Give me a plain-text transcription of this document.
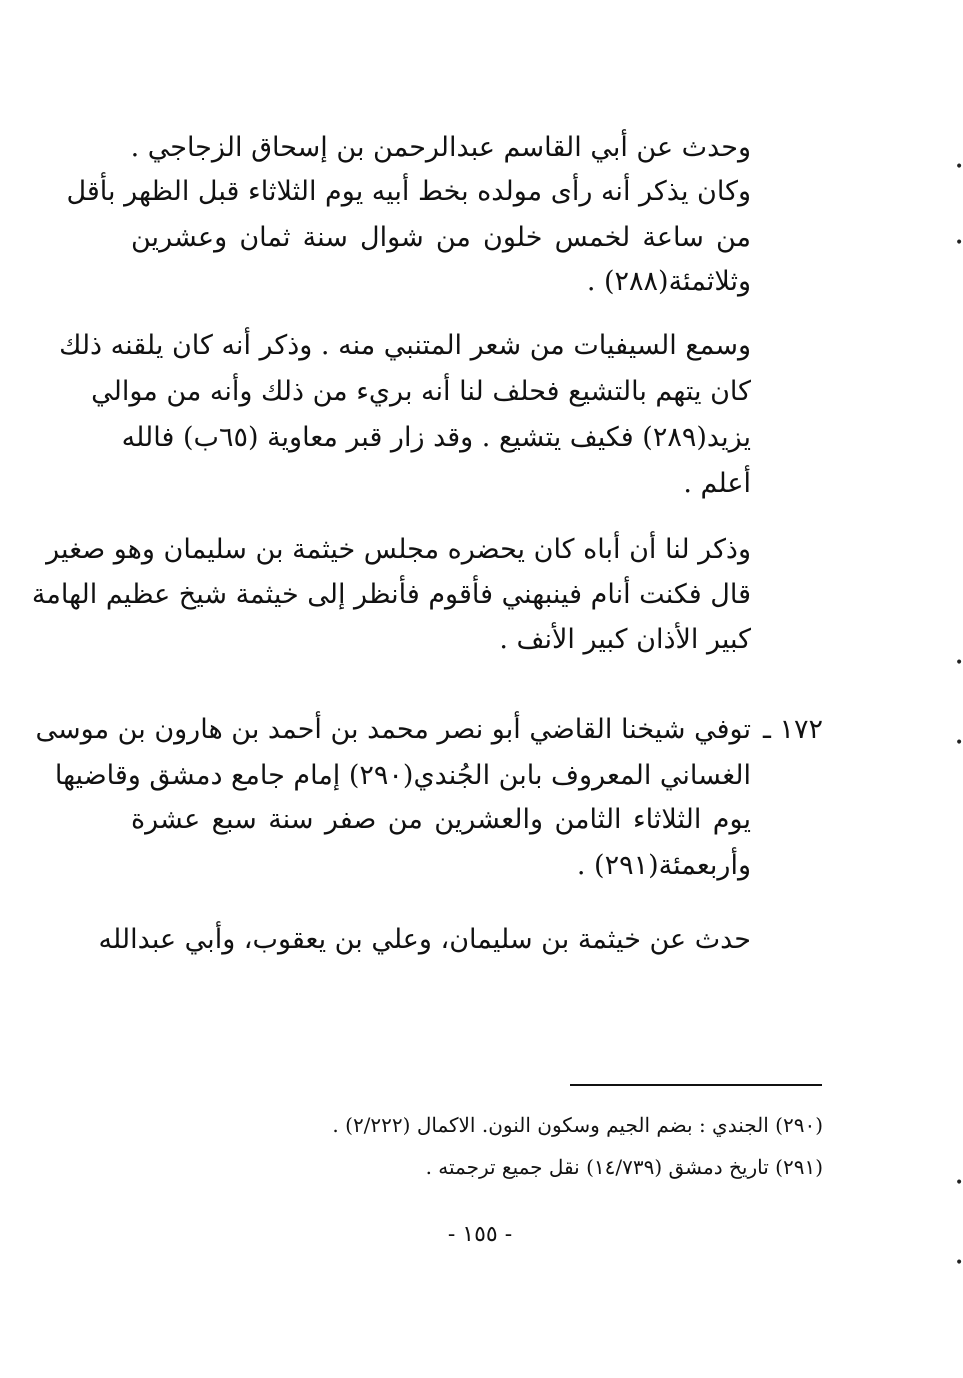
وحدث عن أبي القاسم عبدالرحمن بن إسحاق الزجاجي .
وكان يذكر أنه رأى مولده بخط أبيه يوم الثلاثاء قبل الظهر بأقل
من ساعة لخمس خلون من شوال سنة ثمان وعشرين
وثلاثمئة(٢٨٨) .
وسمع السيفيات من شعر المتنبي منه . وذكر أنه كان يلقنه ذلك
كان يتهم بالتشيع فحلف لنا أنه بريء من ذلك وأنه من موالي
يزيد(٢٨٩) فكيف يتشيع . وقد زار قبر معاوية (٦٥ب) فالله
أعلم .
وذكر لنا أن أباه كان يحضره مجلس خيثمة بن سليمان وهو صغير
قال فكنت أنام فينبهني فأقوم فأنظر إلى خيثمة شيخ عظيم الهامة
كبير الأذان كبير الأنف .
١٧٢ ـ
توفي شيخنا القاضي أبو نصر محمد بن أحمد بن هارون بن موسى
الغساني المعروف بابن الجُندي(٢٩٠) إمام جامع دمشق وقاضيها
يوم الثلاثاء الثامن والعشرين من صفر سنة سبع عشرة
وأربعمئة(٢٩١) .
حدث عن خيثمة بن سليمان، وعلي بن يعقوب، وأبي عبدالله
(٢٩٠) الجندي : بضم الجيم وسكون النون. الاكمال (٢/٢٢٢) .
(٢٩١) تاريخ دمشق (١٤/٧٣٩) نقل جميع ترجمته .
- ١٥٥ -
•
•
•
•
•
•
